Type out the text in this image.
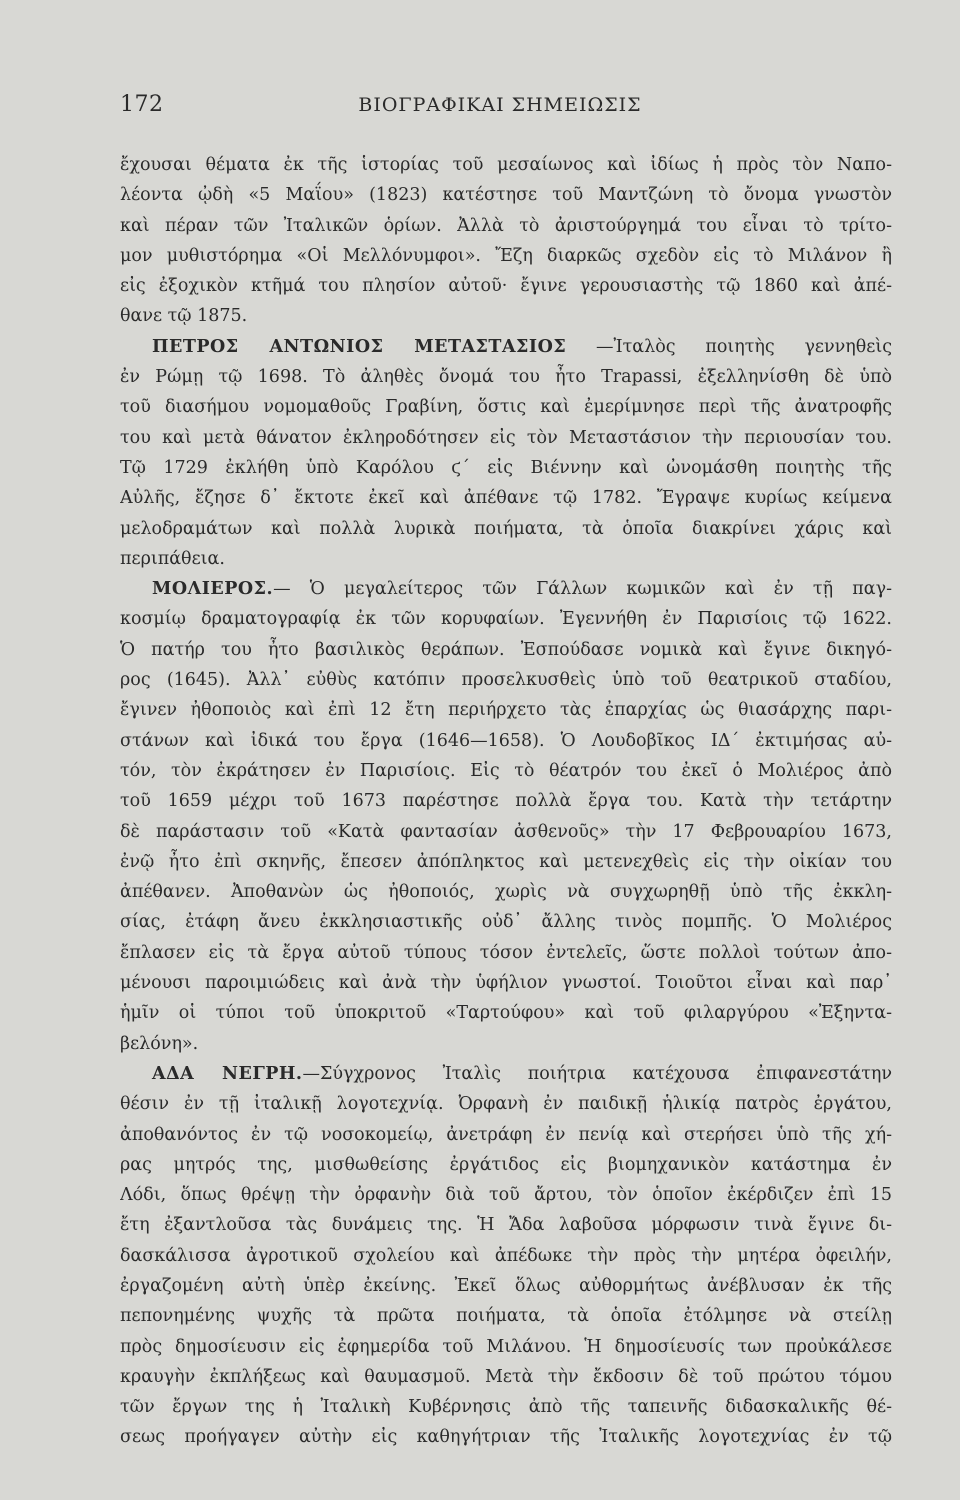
172	ΒΙΟΓΡΑΦΙΚΑΙ ΣΗΜΕΙΩΣΙΣ
ἔχουσαι θέματα ἐκ τῆς ἱστορίας τοῦ μεσαίωνος καὶ ἰδίως ἡ πρὸς τὸν Ναπο-
λέοντα ᾠδὴ «5 Μαΐου» (1823) κατέστησε τοῦ Μαντζώνη τὸ ὄνομα γνωστὸν
καὶ πέραν τῶν Ἰταλικῶν ὁρίων. Ἀλλὰ τὸ ἀριστούργημά του εἶναι τὸ τρίτο-
μον μυθιστόρημα «Οἱ Μελλόνυμφοι». Ἔζη διαρκῶς σχεδὸν εἰς τὸ Μιλάνον ἢ
εἰς ἐξοχικὸν κτῆμά του πλησίον αὐτοῦ· ἔγινε γερουσιαστὴς τῷ 1860 καὶ ἀπέ-
θανε τῷ 1875.
ΠΕΤΡΟΣ ΑΝΤΩΝΙΟΣ ΜΕΤΑΣΤΑΣΙΟΣ —Ἰταλὸς ποιητὴς γεννηθεὶς
ἐν Ρώμῃ τῷ 1698. Τὸ ἀληθὲς ὄνομά του ἦτο Trapassi, ἐξελληνίσθη δὲ ὑπὸ
τοῦ διασήμου νομομαθοῦς Γραβίνη, ὅστις καὶ ἐμερίμνησε περὶ τῆς ἀνατροφῆς
του καὶ μετὰ θάνατον ἐκληροδότησεν εἰς τὸν Μεταστάσιον τὴν περιουσίαν του.
Τῷ 1729 ἐκλήθη ὑπὸ Καρόλου ϛ΄ εἰς Βιέννην καὶ ὠνομάσθη ποιητὴς τῆς
Αὐλῆς, ἔζησε δ᾽ ἔκτοτε ἐκεῖ καὶ ἀπέθανε τῷ 1782. Ἔγραψε κυρίως κείμενα
μελοδραμάτων καὶ πολλὰ λυρικὰ ποιήματα, τὰ ὁποῖα διακρίνει χάρις καὶ
περιπάθεια.
ΜΟΛΙΕΡΟΣ.— Ὁ μεγαλείτερος τῶν Γάλλων κωμικῶν καὶ ἐν τῇ παγ-
κοσμίῳ δραματογραφίᾳ ἐκ τῶν κορυφαίων. Ἐγεννήθη ἐν Παρισίοις τῷ 1622.
Ὁ πατήρ του ἦτο βασιλικὸς θεράπων. Ἐσπούδασε νομικὰ καὶ ἔγινε δικηγό-
ρος (1645). Ἀλλ᾽ εὐθὺς κατόπιν προσελκυσθεὶς ὑπὸ τοῦ θεατρικοῦ σταδίου,
ἔγινεν ἠθοποιὸς καὶ ἐπὶ 12 ἔτη περιήρχετο τὰς ἐπαρχίας ὡς θιασάρχης παρι-
στάνων καὶ ἰδικά του ἔργα (1646—1658). Ὁ Λουδοβῖκος ΙΔ΄ ἐκτιμήσας αὐ-
τόν, τὸν ἐκράτησεν ἐν Παρισίοις. Εἰς τὸ θέατρόν του ἐκεῖ ὁ Μολιέρος ἀπὸ
τοῦ 1659 μέχρι τοῦ 1673 παρέστησε πολλὰ ἔργα του. Κατὰ τὴν τετάρτην
δὲ παράστασιν τοῦ «Κατὰ φαντασίαν ἀσθενοῦς» τὴν 17 Φεβρουαρίου 1673,
ἐνῷ ἦτο ἐπὶ σκηνῆς, ἔπεσεν ἀπόπληκτος καὶ μετενεχθεὶς εἰς τὴν οἰκίαν του
ἀπέθανεν. Ἀποθανὼν ὡς ἠθοποιός, χωρὶς νὰ συγχωρηθῇ ὑπὸ τῆς ἐκκλη-
σίας, ἐτάφη ἄνευ ἐκκλησιαστικῆς οὐδ᾽ ἄλλης τινὸς πομπῆς. Ὁ Μολιέρος
ἔπλασεν εἰς τὰ ἔργα αὐτοῦ τύπους τόσον ἐντελεῖς, ὥστε πολλοὶ τούτων ἀπο-
μένουσι παροιμιώδεις καὶ ἀνὰ τὴν ὑφήλιον γνωστοί. Τοιοῦτοι εἶναι καὶ παρ᾽
ἡμῖν οἱ τύποι τοῦ ὑποκριτοῦ «Ταρτούφου» καὶ τοῦ φιλαργύρου «Ἐξηντα-
βελόνη».
ΑΔΑ ΝΕΓΡΗ.—Σύγχρονος Ἰταλὶς ποιήτρια κατέχουσα ἐπιφανεστάτην
θέσιν ἐν τῇ ἰταλικῇ λογοτεχνίᾳ. Ὀρφανὴ ἐν παιδικῇ ἡλικίᾳ πατρὸς ἐργάτου,
ἀποθανόντος ἐν τῷ νοσοκομείῳ, ἀνετράφη ἐν πενίᾳ καὶ στερήσει ὑπὸ τῆς χή-
ρας μητρός της, μισθωθείσης ἐργάτιδος εἰς βιομηχανικὸν κατάστημα ἐν
Λόδι, ὅπως θρέψῃ τὴν ὀρφανὴν διὰ τοῦ ἄρτου, τὸν ὁποῖον ἐκέρδιζεν ἐπὶ 15
ἔτη ἐξαντλοῦσα τὰς δυνάμεις της. Ἡ Ἄδα λαβοῦσα μόρφωσιν τινὰ ἔγινε δι-
δασκάλισσα ἀγροτικοῦ σχολείου καὶ ἀπέδωκε τὴν πρὸς τὴν μητέρα ὀφειλήν,
ἐργαζομένη αὐτὴ ὑπὲρ ἐκείνης. Ἐκεῖ ὅλως αὐθορμήτως ἀνέβλυσαν ἐκ τῆς
πεπονημένης ψυχῆς τὰ πρῶτα ποιήματα, τὰ ὁποῖα ἐτόλμησε νὰ στείλῃ
πρὸς δημοσίευσιν εἰς ἐφημερίδα τοῦ Μιλάνου. Ἡ δημοσίευσίς των προὐκάλεσε
κραυγὴν ἐκπλήξεως καὶ θαυμασμοῦ. Μετὰ τὴν ἔκδοσιν δὲ τοῦ πρώτου τόμου
τῶν ἔργων της ἡ Ἰταλικὴ Κυβέρνησις ἀπὸ τῆς ταπεινῆς διδασκαλικῆς θέ-
σεως προήγαγεν αὐτὴν εἰς καθηγήτριαν τῆς Ἰταλικῆς λογοτεχνίας ἐν τῷ
